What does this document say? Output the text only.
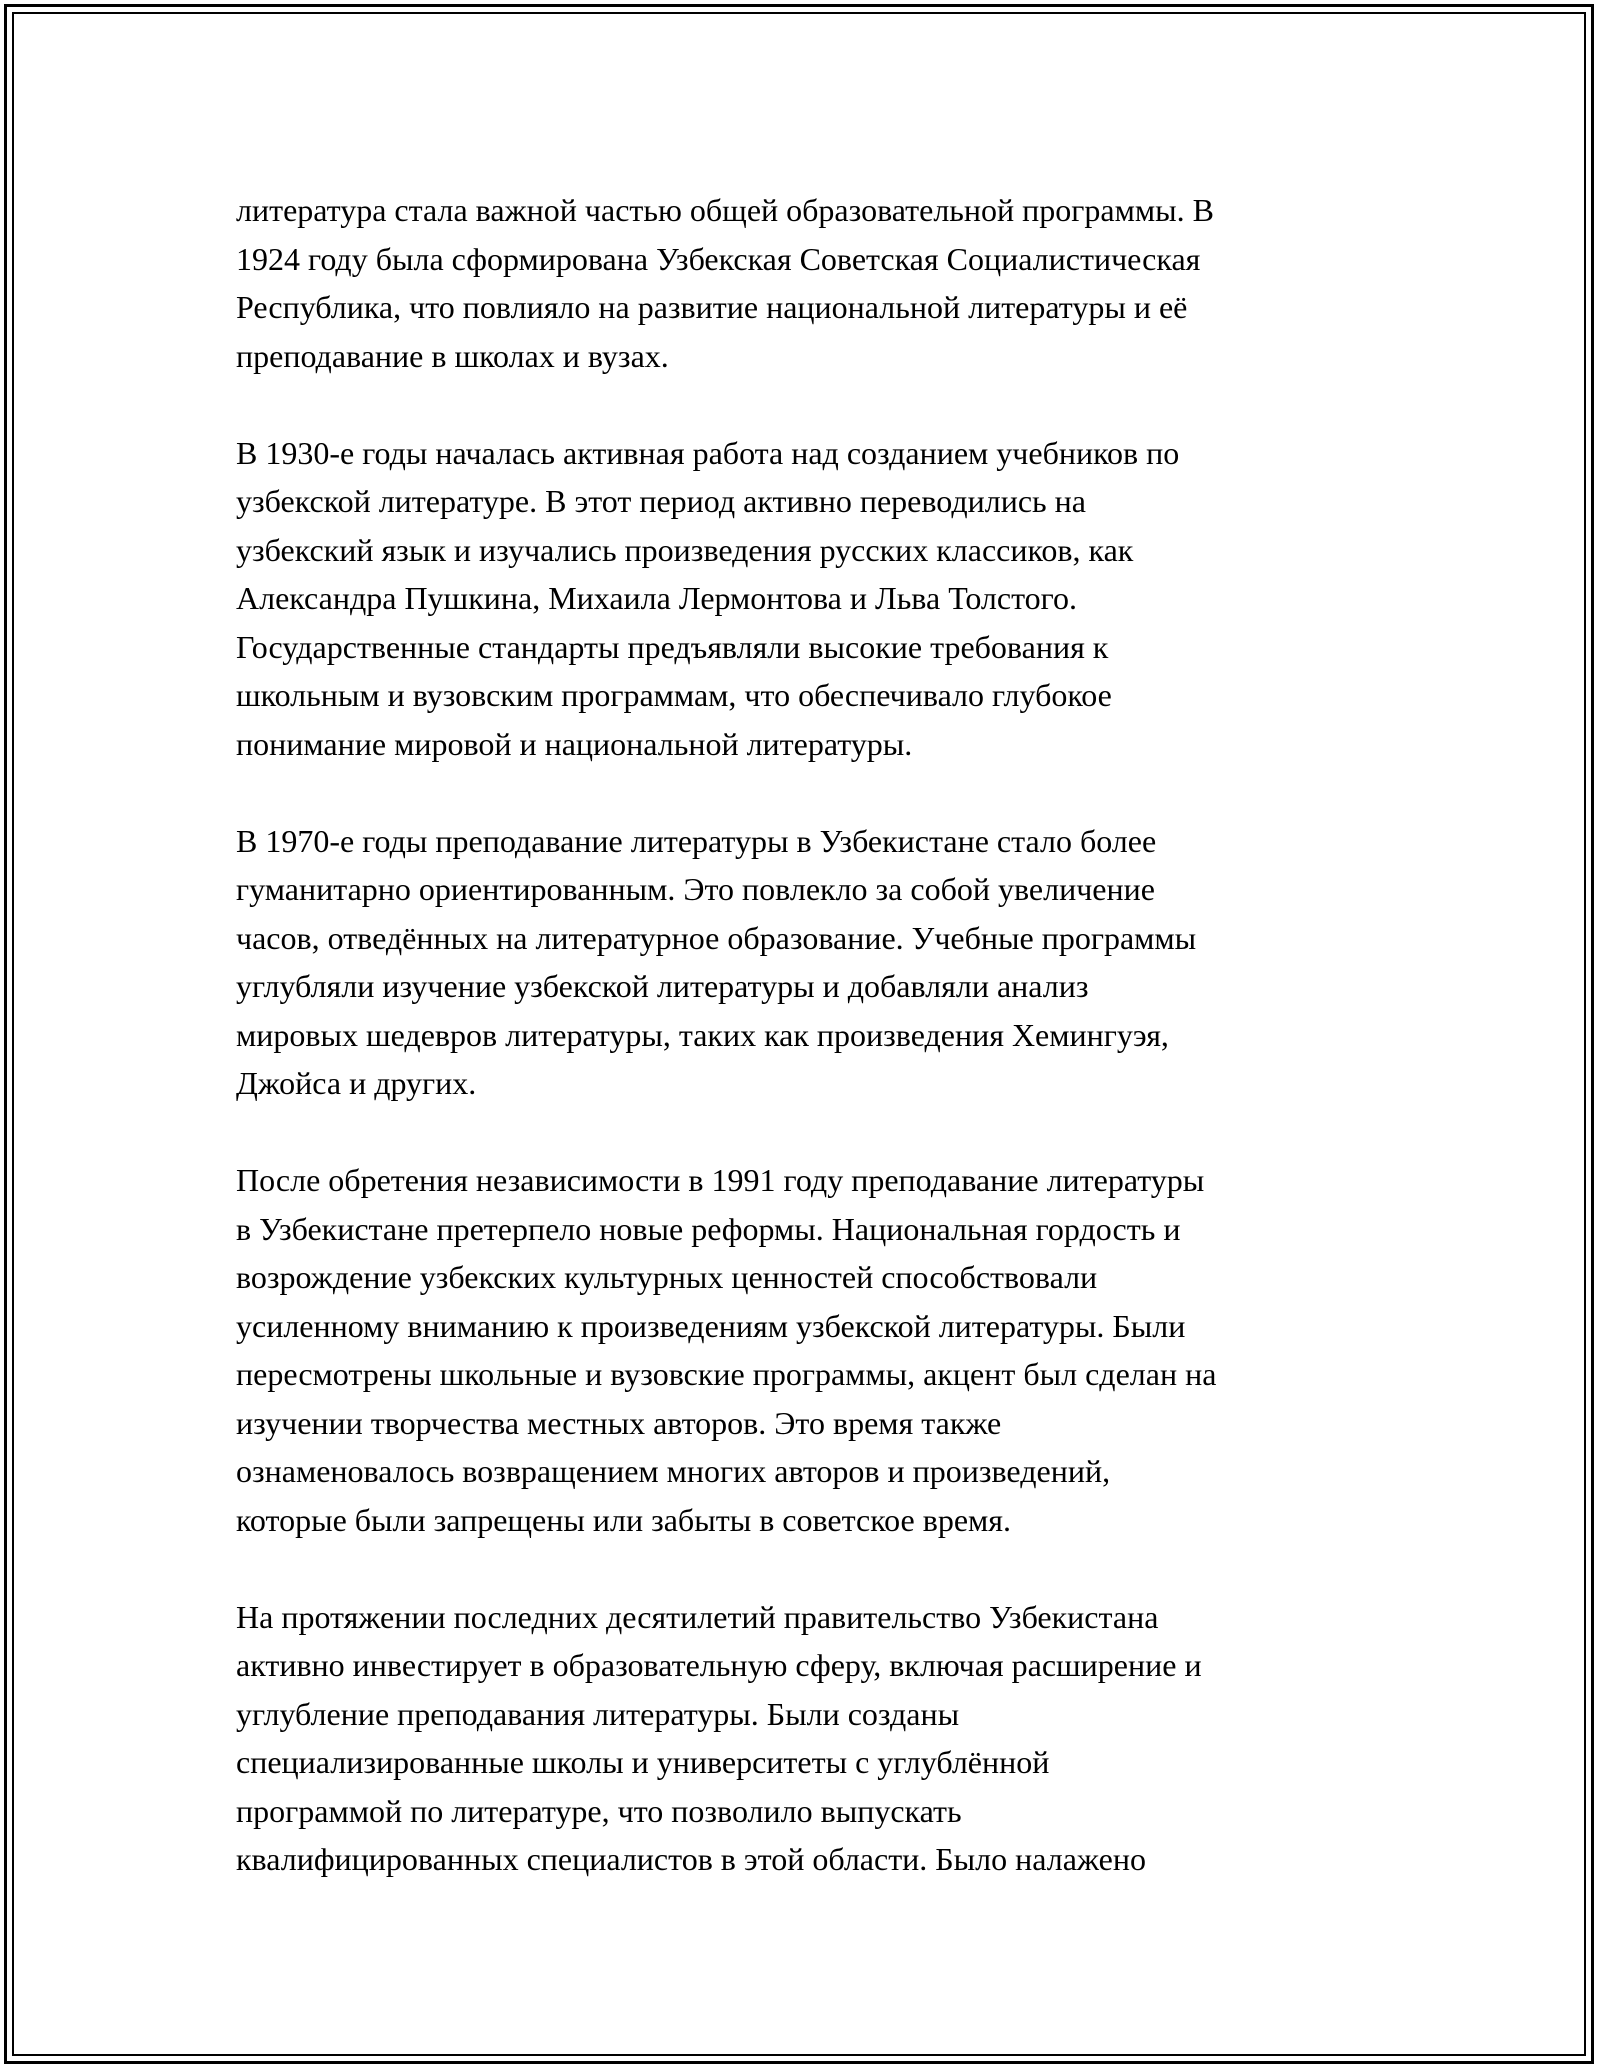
литература стала важной частью общей образовательной программы. В
1924 году была сформирована Узбекская Советская Социалистическая
Республика, что повлияло на развитие национальной литературы и её
преподавание в школах и вузах.

В 1930-е годы началась активная работа над созданием учебников по
узбекской литературе. В этот период активно переводились на
узбекский язык и изучались произведения русских классиков, как
Александра Пушкина, Михаила Лермонтова и Льва Толстого.
Государственные стандарты предъявляли высокие требования к
школьным и вузовским программам, что обеспечивало глубокое
понимание мировой и национальной литературы.

В 1970-е годы преподавание литературы в Узбекистане стало более
гуманитарно ориентированным. Это повлекло за собой увеличение
часов, отведённых на литературное образование. Учебные программы
углубляли изучение узбекской литературы и добавляли анализ
мировых шедевров литературы, таких как произведения Хемингуэя,
Джойса и других.

После обретения независимости в 1991 году преподавание литературы
в Узбекистане претерпело новые реформы. Национальная гордость и
возрождение узбекских культурных ценностей способствовали
усиленному вниманию к произведениям узбекской литературы. Были
пересмотрены школьные и вузовские программы, акцент был сделан на
изучении творчества местных авторов. Это время также
ознаменовалось возвращением многих авторов и произведений,
которые были запрещены или забыты в советское время.

На протяжении последних десятилетий правительство Узбекистана
активно инвестирует в образовательную сферу, включая расширение и
углубление преподавания литературы. Были созданы
специализированные школы и университеты с углублённой
программой по литературе, что позволило выпускать
квалифицированных специалистов в этой области. Было налажено
